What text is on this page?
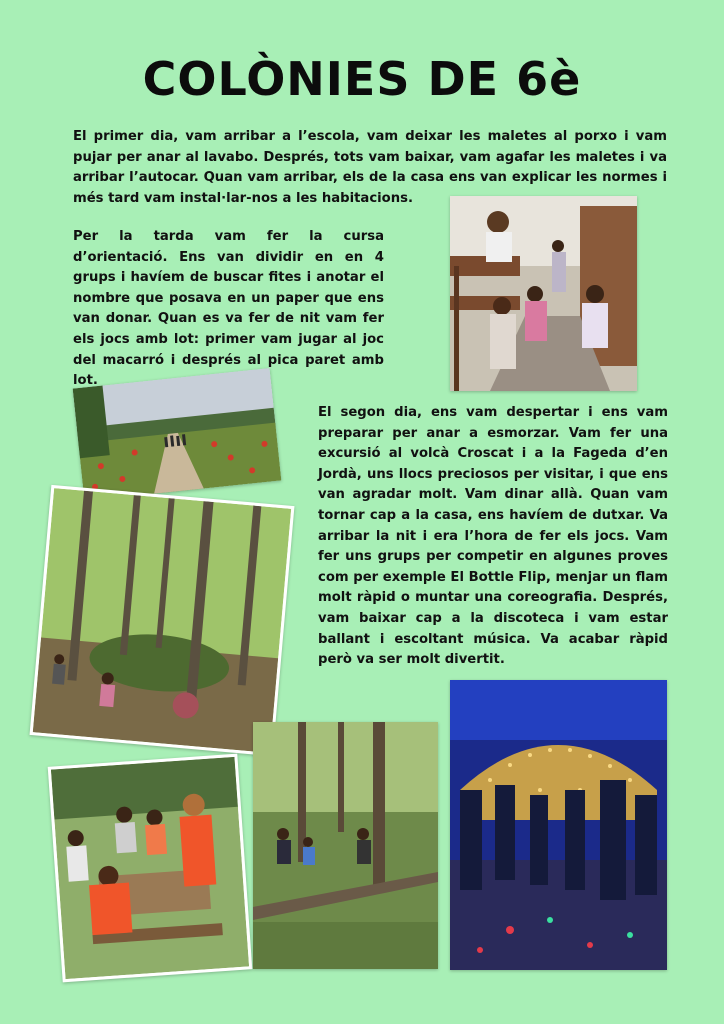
COLÒNIES DE 6è

El primer dia, vam arribar a l’escola, vam deixar les maletes al porxo i vam pujar per anar al lavabo. Després, tots vam baixar, vam agafar les maletes i va arribar l’autocar. Quan vam arribar, els de la casa ens van explicar les normes i més tard vam instal·lar-nos a les habitacions.

Per la tarda vam fer la cursa d’orientació. Ens van dividir en en 4 grups i havíem de buscar fites i anotar el nombre que posava en un paper que ens van donar. Quan es va fer de nit vam fer els jocs amb lot: primer vam jugar al joc del macarró i després al pica paret amb lot.

El segon dia, ens vam despertar i ens vam preparar per anar a esmorzar. Vam fer una excursió al volcà Croscat i a la Fageda d’en Jordà, uns llocs preciosos per visitar, i que ens van agradar molt. Vam dinar allà. Quan vam tornar cap a la casa, ens havíem de dutxar. Va arribar la nit i era l’hora de fer els jocs. Vam fer uns grups per competir en algunes proves com per exemple El Bottle Flip, menjar un flam molt ràpid o muntar una coreografia. Després, vam baixar cap a la discoteca i vam estar ballant i escoltant música. Va acabar ràpid però va ser molt divertit.
